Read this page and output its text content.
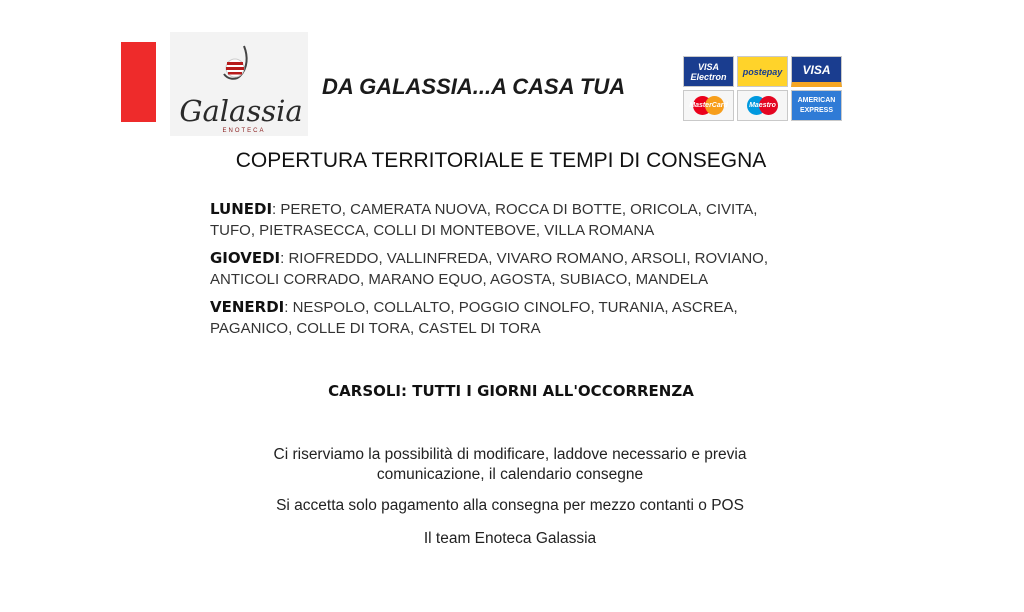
Galassia
ENOTECA
DA GALASSIA...A CASA TUA
VISA Electron	postepay VISA
MasterCard	Maestro
AMERICAN EXPRESS
COPERTURA TERRITORIALE E TEMPI DI CONSEGNA
LUNEDI: PERETO, CAMERATA NUOVA, ROCCA DI BOTTE, ORICOLA, CIVITA, TUFO, PIETRASECCA, COLLI DI MONTEBOVE, VILLA ROMANA
GIOVEDI: RIOFREDDO, VALLINFREDA, VIVARO ROMANO, ARSOLI, ROVIANO, ANTICOLI CORRADO, MARANO EQUO, AGOSTA, SUBIACO, MANDELA
VENERDI: NESPOLO, COLLALTO, POGGIO CINOLFO, TURANIA, ASCREA, PAGANICO, COLLE DI TORA, CASTEL DI TORA
CARSOLI: TUTTI I GIORNI ALL'OCCORRENZA
Ci riserviamo la possibilità di modificare, laddove necessario e previa comunicazione, il calendario consegne
Si accetta solo pagamento alla consegna per mezzo contanti o POS
Il team Enoteca Galassia
